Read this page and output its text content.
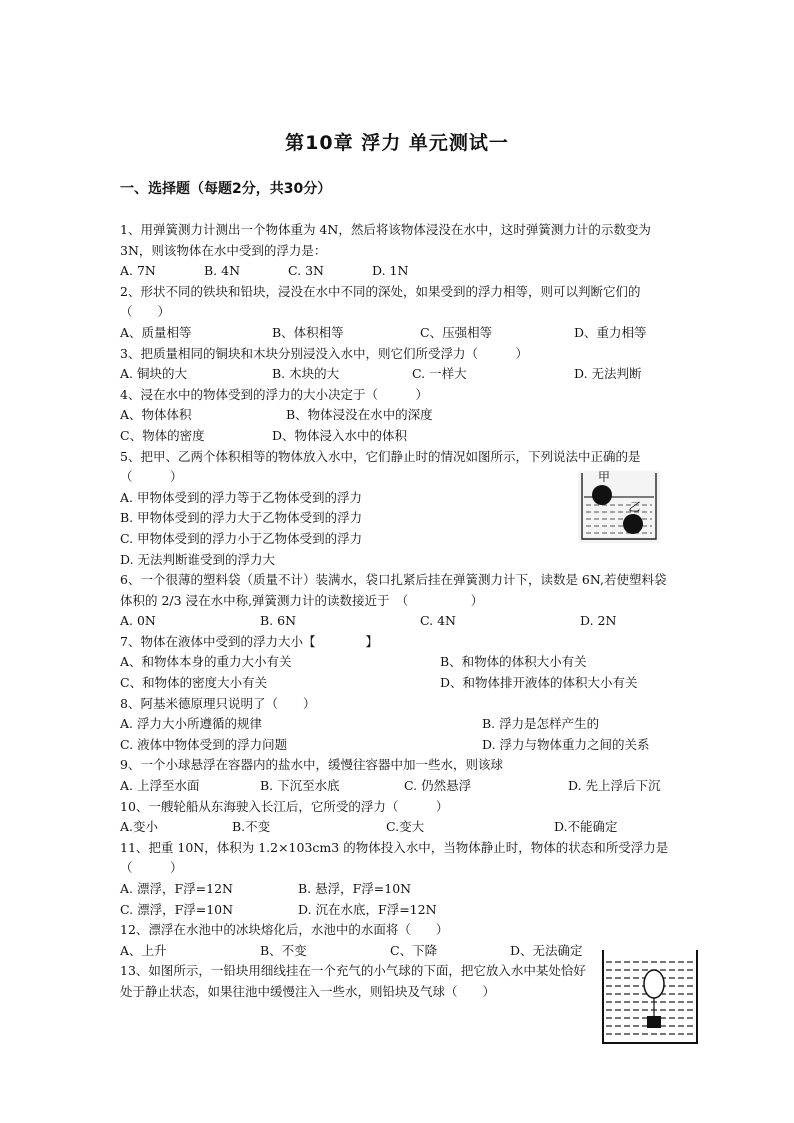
第10章 浮力 单元测试一
一、选择题（每题2分，共30分）
1、用弹簧测力计测出一个物体重为 4N，然后将该物体浸没在水中，这时弹簧测力计的示数变为 3N，则该物体在水中受到的浮力是：
A. 7N	B. 4N	C. 3N	D. 1N
2、形状不同的铁块和铅块，浸没在水中不同的深处，如果受到的浮力相等，则可以判断它们的（　　）
A、质量相等	B、体积相等	C、压强相等	D、重力相等
3、把质量相同的铜块和木块分别浸没入水中，则它们所受浮力（　　　）
A. 铜块的大	B. 木块的大	C. 一样大	D. 无法判断
4、浸在水中的物体受到的浮力的大小决定于（　　　）
A、物体体积	B、物体浸没在水中的深度
C、物体的密度	D、物体浸入水中的体积
5、把甲、乙两个体积相等的物体放入水中，它们静止时的情况如图所示，下列说法中正确的是（　　　）
A. 甲物体受到的浮力等于乙物体受到的浮力
B. 甲物体受到的浮力大于乙物体受到的浮力
C. 甲物体受到的浮力小于乙物体受到的浮力
D. 无法判断谁受到的浮力大
6、一个很薄的塑料袋（质量不计）装满水，袋口扎紧后挂在弹簧测力计下，读数是 6N,若使塑料袋体积的 2/3 浸在水中称,弹簧测力计的读数接近于　（　　　　　）
A. 0N	B. 6N	C. 4N	D. 2N
7、物体在液体中受到的浮力大小【　　　　】
A、和物体本身的重力大小有关	B、和物体的体积大小有关
C、和物体的密度大小有关	D、和物体排开液体的体积大小有关
8、阿基米德原理只说明了（　　）
A. 浮力大小所遵循的规律	B. 浮力是怎样产生的
C. 液体中物体受到的浮力问题	D. 浮力与物体重力之间的关系
9、一个小球悬浮在容器内的盐水中，缓慢往容器中加一些水，则该球
A. 上浮至水面	B. 下沉至水底	C. 仍然悬浮	D. 先上浮后下沉
10、一艘轮船从东海驶入长江后，它所受的浮力（　　　）
A.变小	B.不变	C.变大	D.不能确定
11、把重 10N，体积为 1.2×103cm3 的物体投入水中，当物体静止时，物体的状态和所受浮力是（　　　）
A. 漂浮，F浮=12N	B. 悬浮，F浮=10N
C. 漂浮，F浮=10N	D. 沉在水底，F浮=12N
12、漂浮在水池中的冰块熔化后，水池中的水面将（　　）
A、上升	B、不变	C、下降	D、无法确定
13、如图所示，一铅块用细线挂在一个充气的小气球的下面，把它放入水中某处恰好处于静止状态，如果往池中缓慢注入一些水，则铅块及气球（　　）
甲
乙
